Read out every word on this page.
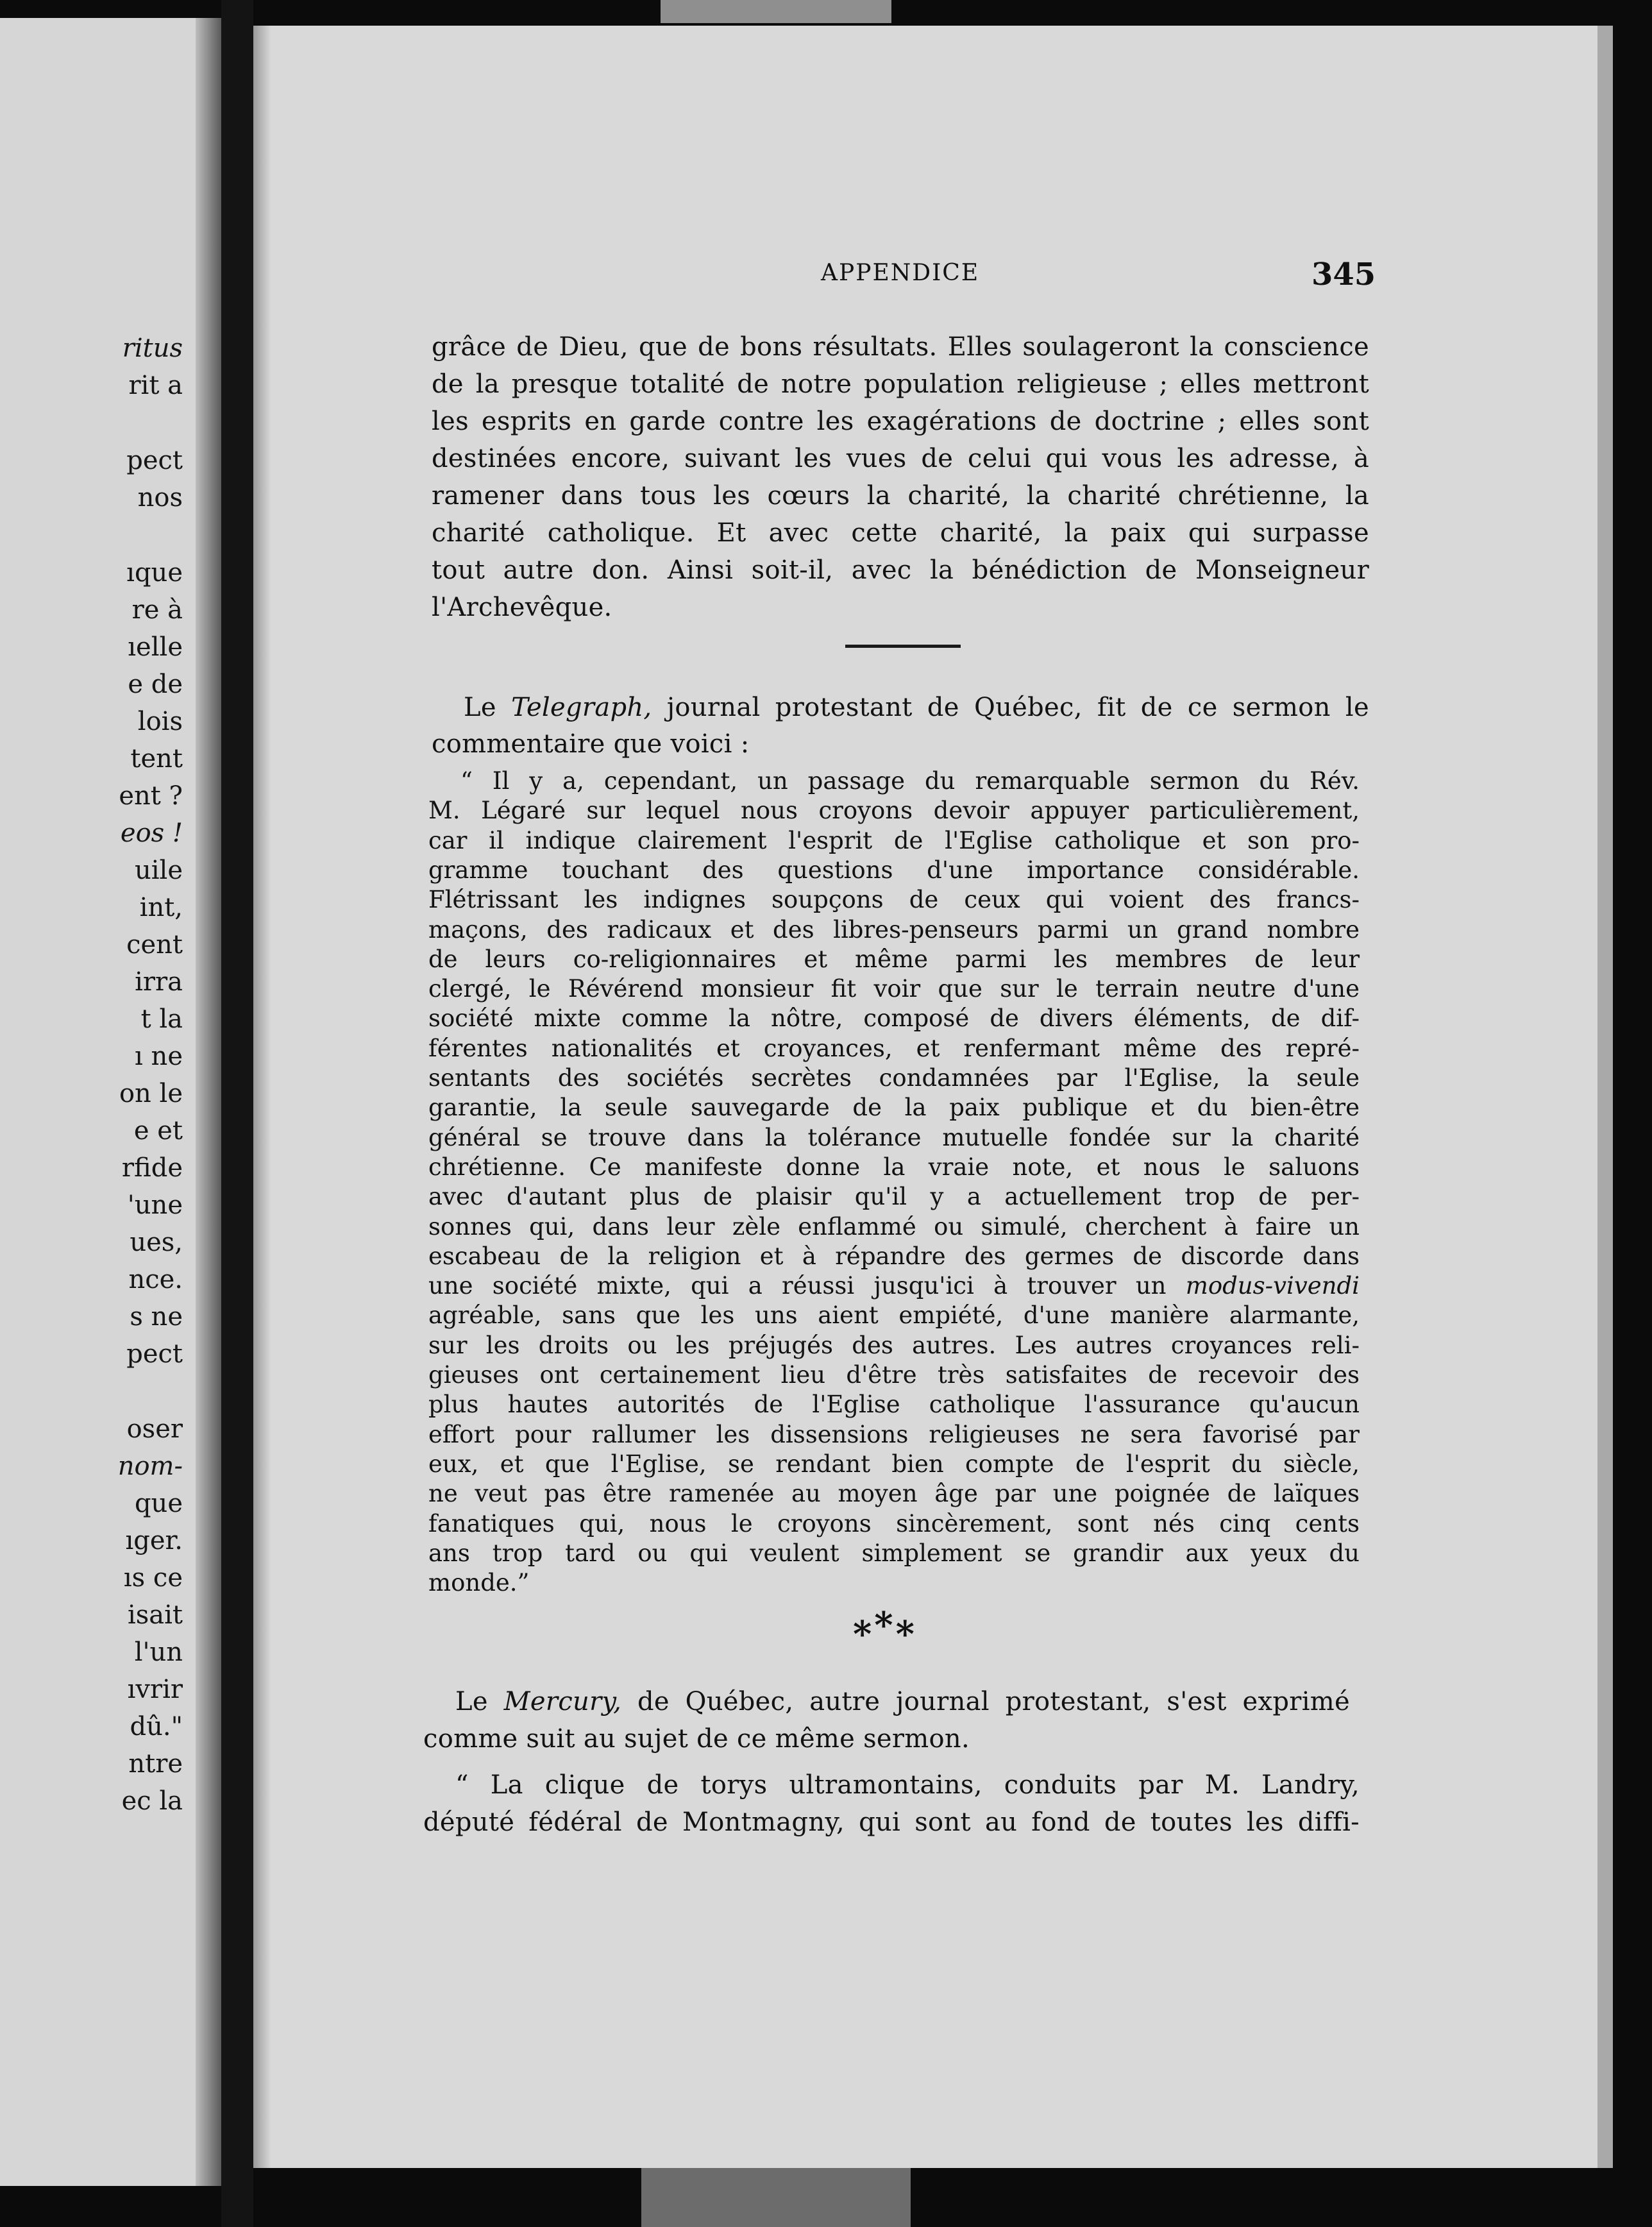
ritus
rit a
pect
nos
ıque
re à
ıelle
e de
lois
tent
ent ?
eos !
uile
int,
cent
irra
t la
ı ne
on le
e et
rfide
'une
ues,
nce.
s ne
pect
oser
nom-
que
ıger.
ıs ce
isait
l'un
ıvrir
dû."
ntre
ec la
APPENDICE	345
grâce de Dieu, que de bons résultats. Elles soulageront la conscience
de la presque totalité de notre population religieuse ; elles mettront
les esprits en garde contre les exagérations de doctrine ; elles sont
destinées encore, suivant les vues de celui qui vous les adresse, à
ramener dans tous les cœurs la charité, la charité chrétienne, la
charité catholique. Et avec cette charité, la paix qui surpasse
tout autre don. Ainsi soit-il, avec la bénédiction de Monseigneur
l'Archevêque.
Le Telegraph, journal protestant de Québec, fit de ce sermon le
commentaire que voici :
“ Il y a, cependant, un passage du remarquable sermon du Rév.
M. Légaré sur lequel nous croyons devoir appuyer particulièrement,
car il indique clairement l'esprit de l'Eglise catholique et son pro-
gramme touchant des questions d'une importance considérable.
Flétrissant les indignes soupçons de ceux qui voient des francs-
maçons, des radicaux et des libres-penseurs parmi un grand nombre
de leurs co-religionnaires et même parmi les membres de leur
clergé, le Révérend monsieur fit voir que sur le terrain neutre d'une
société mixte comme la nôtre, composé de divers éléments, de dif-
férentes nationalités et croyances, et renfermant même des repré-
sentants des sociétés secrètes condamnées par l'Eglise, la seule
garantie, la seule sauvegarde de la paix publique et du bien-être
général se trouve dans la tolérance mutuelle fondée sur la charité
chrétienne. Ce manifeste donne la vraie note, et nous le saluons
avec d'autant plus de plaisir qu'il y a actuellement trop de per-
sonnes qui, dans leur zèle enflammé ou simulé, cherchent à faire un
escabeau de la religion et à répandre des germes de discorde dans
une société mixte, qui a réussi jusqu'ici à trouver un modus-vivendi
agréable, sans que les uns aient empiété, d'une manière alarmante,
sur les droits ou les préjugés des autres. Les autres croyances reli-
gieuses ont certainement lieu d'être très satisfaites de recevoir des
plus hautes autorités de l'Eglise catholique l'assurance qu'aucun
effort pour rallumer les dissensions religieuses ne sera favorisé par
eux, et que l'Eglise, se rendant bien compte de l'esprit du siècle,
ne veut pas être ramenée au moyen âge par une poignée de laïques
fanatiques qui, nous le croyons sincèrement, sont nés cinq cents
ans trop tard ou qui veulent simplement se grandir aux yeux du
monde.”
***
Le Mercury, de Québec, autre journal protestant, s'est exprimé
comme suit au sujet de ce même sermon.
“ La clique de torys ultramontains, conduits par M. Landry,
député fédéral de Montmagny, qui sont au fond de toutes les diffi-
